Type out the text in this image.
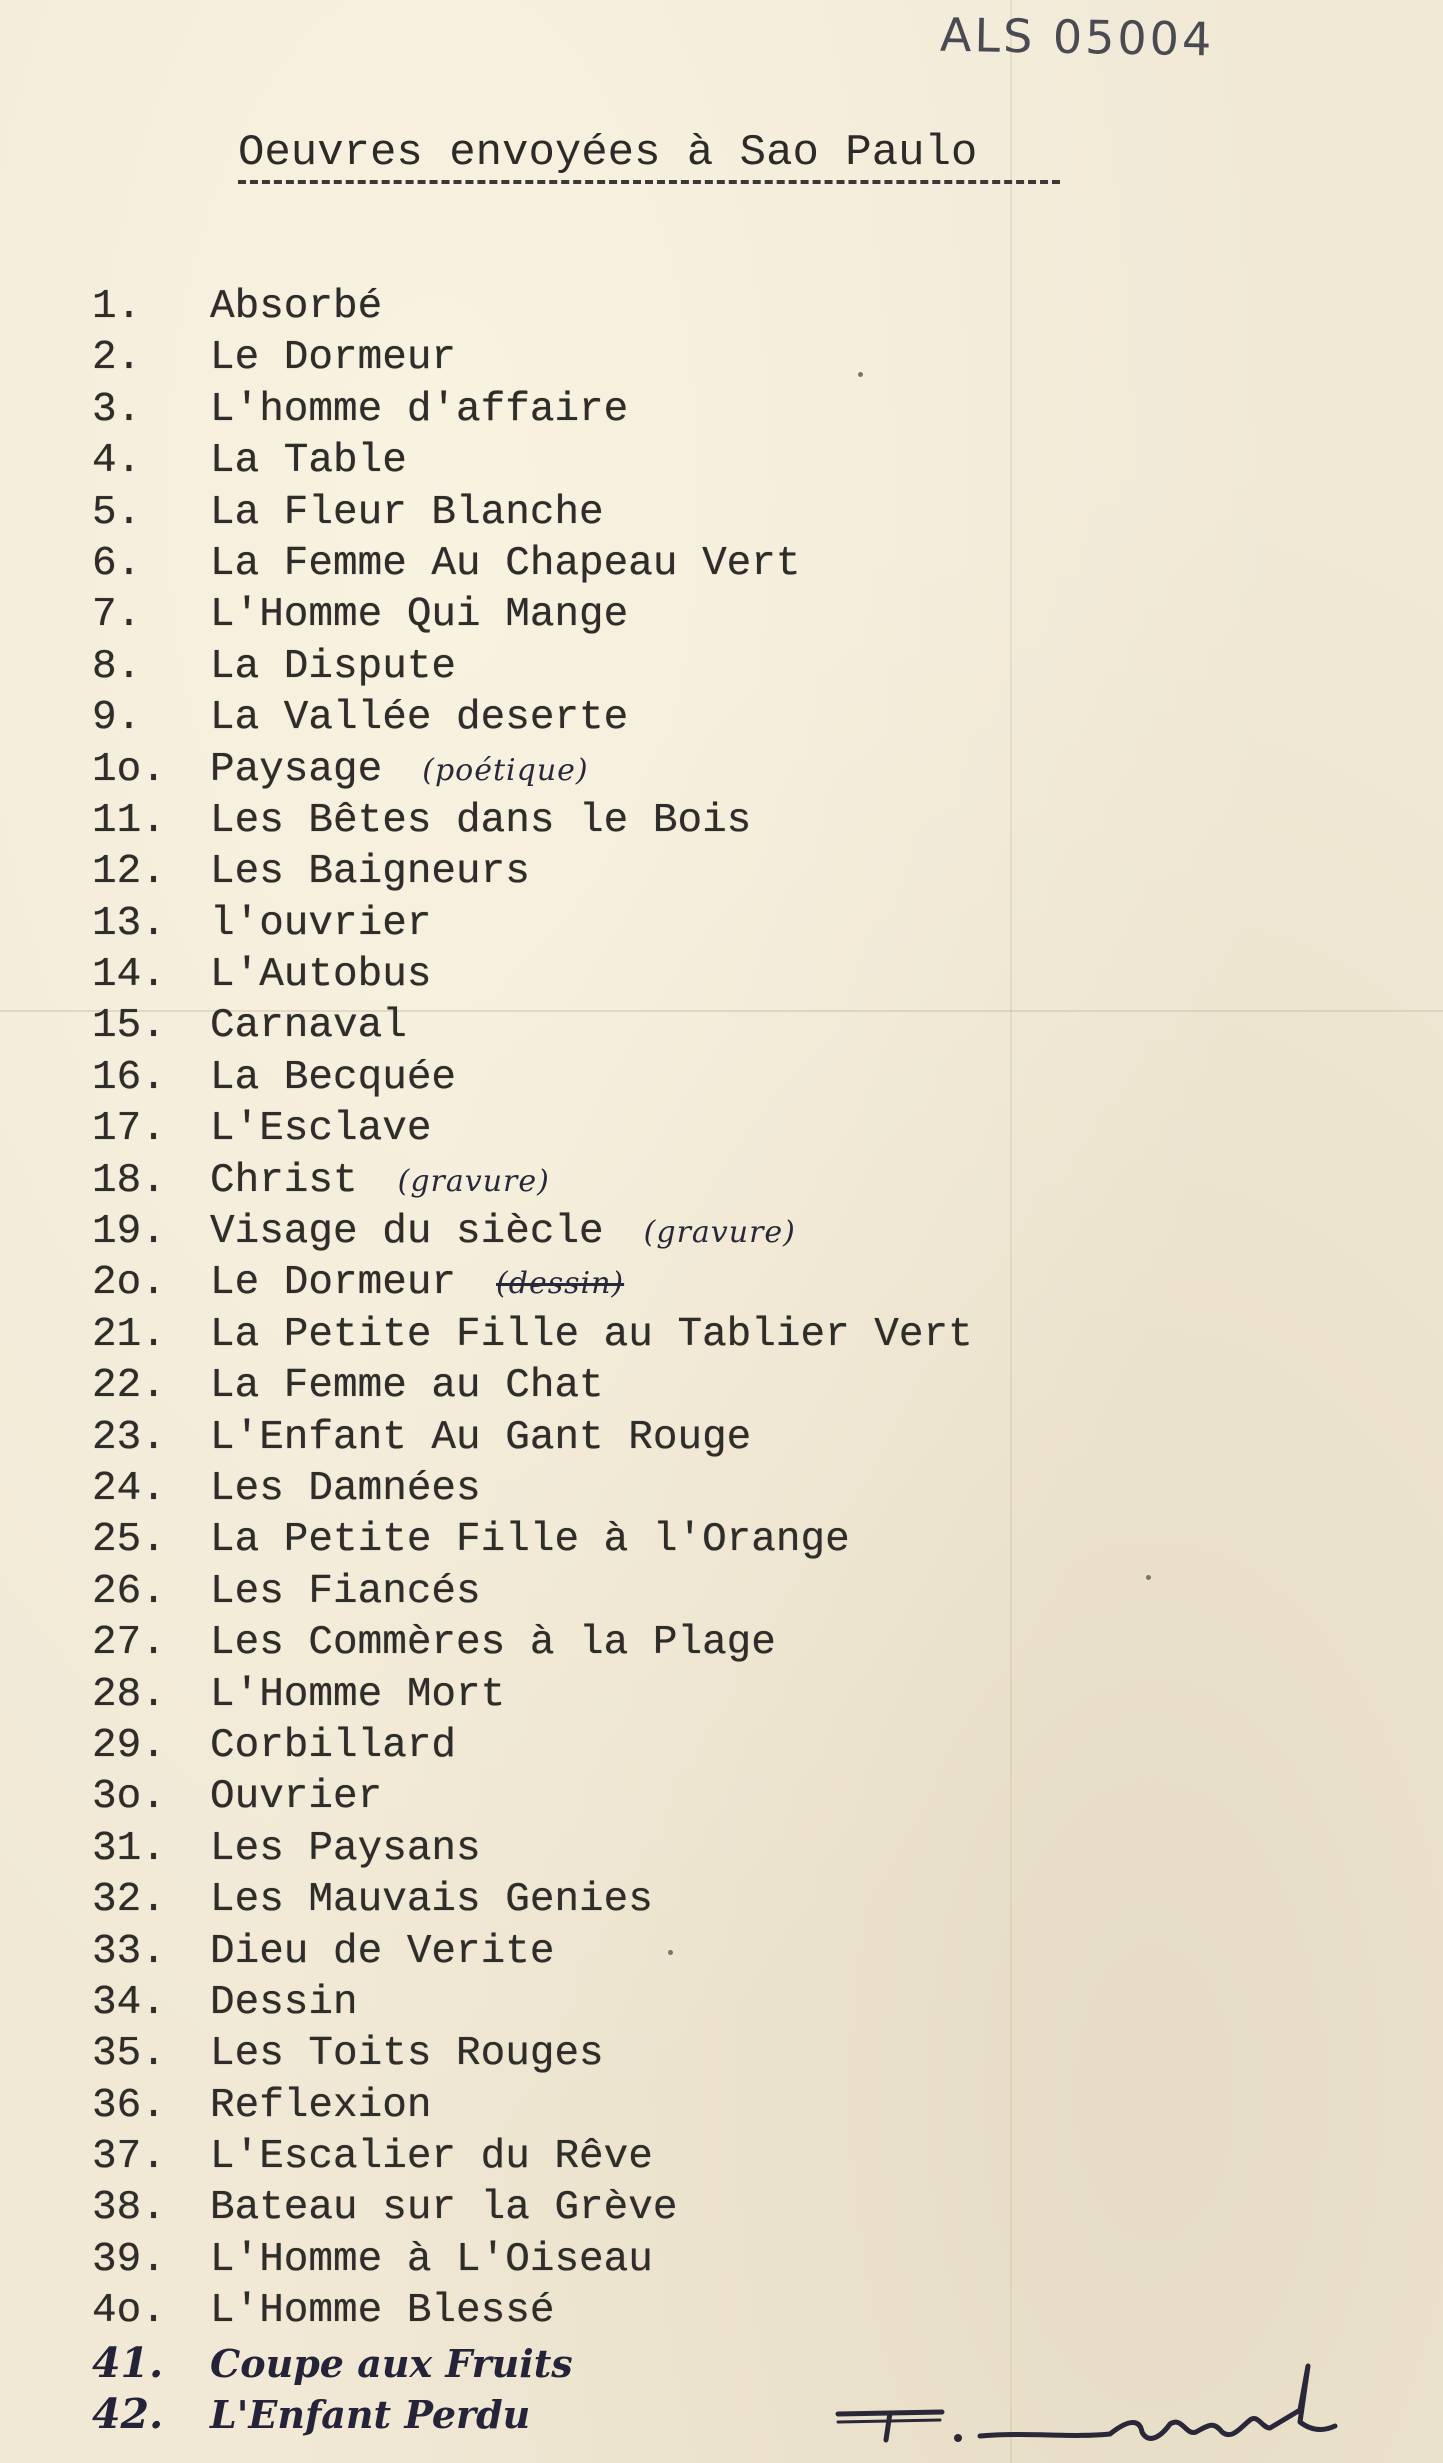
ALS 05004
Oeuvres envoyées à Sao Paulo
1.	Absorbé
2.	Le Dormeur
3.	L'homme d'affaire
4.	La Table
5.	La Fleur Blanche
6.	La Femme Au Chapeau Vert
7.	L'Homme Qui Mange
8.	La Dispute
9.	La Vallée deserte
1o.	Paysage (poétique)
11.	Les Bêtes dans le Bois
12.	Les Baigneurs
13.	l'ouvrier
14.	L'Autobus
15.	Carnaval
16.	La Becquée
17.	L'Esclave
18.	Christ (gravure)
19.	Visage du siècle (gravure)
2o.	Le Dormeur (dessin)
21.	La Petite Fille au Tablier Vert
22.	La Femme au Chat
23.	L'Enfant Au Gant Rouge
24.	Les Damnées
25.	La Petite Fille à l'Orange
26.	Les Fiancés
27.	Les Commères à la Plage
28.	L'Homme Mort
29.	Corbillard
3o.	Ouvrier
31.	Les Paysans
32.	Les Mauvais Genies
33.	Dieu de Verite
34.	Dessin
35.	Les Toits Rouges
36.	Reflexion
37.	L'Escalier du Rêve
38.	Bateau sur la Grève
39.	L'Homme à L'Oiseau
4o.	L'Homme Blessé
41.	Coupe aux Fruits
42.	L'Enfant Perdu
